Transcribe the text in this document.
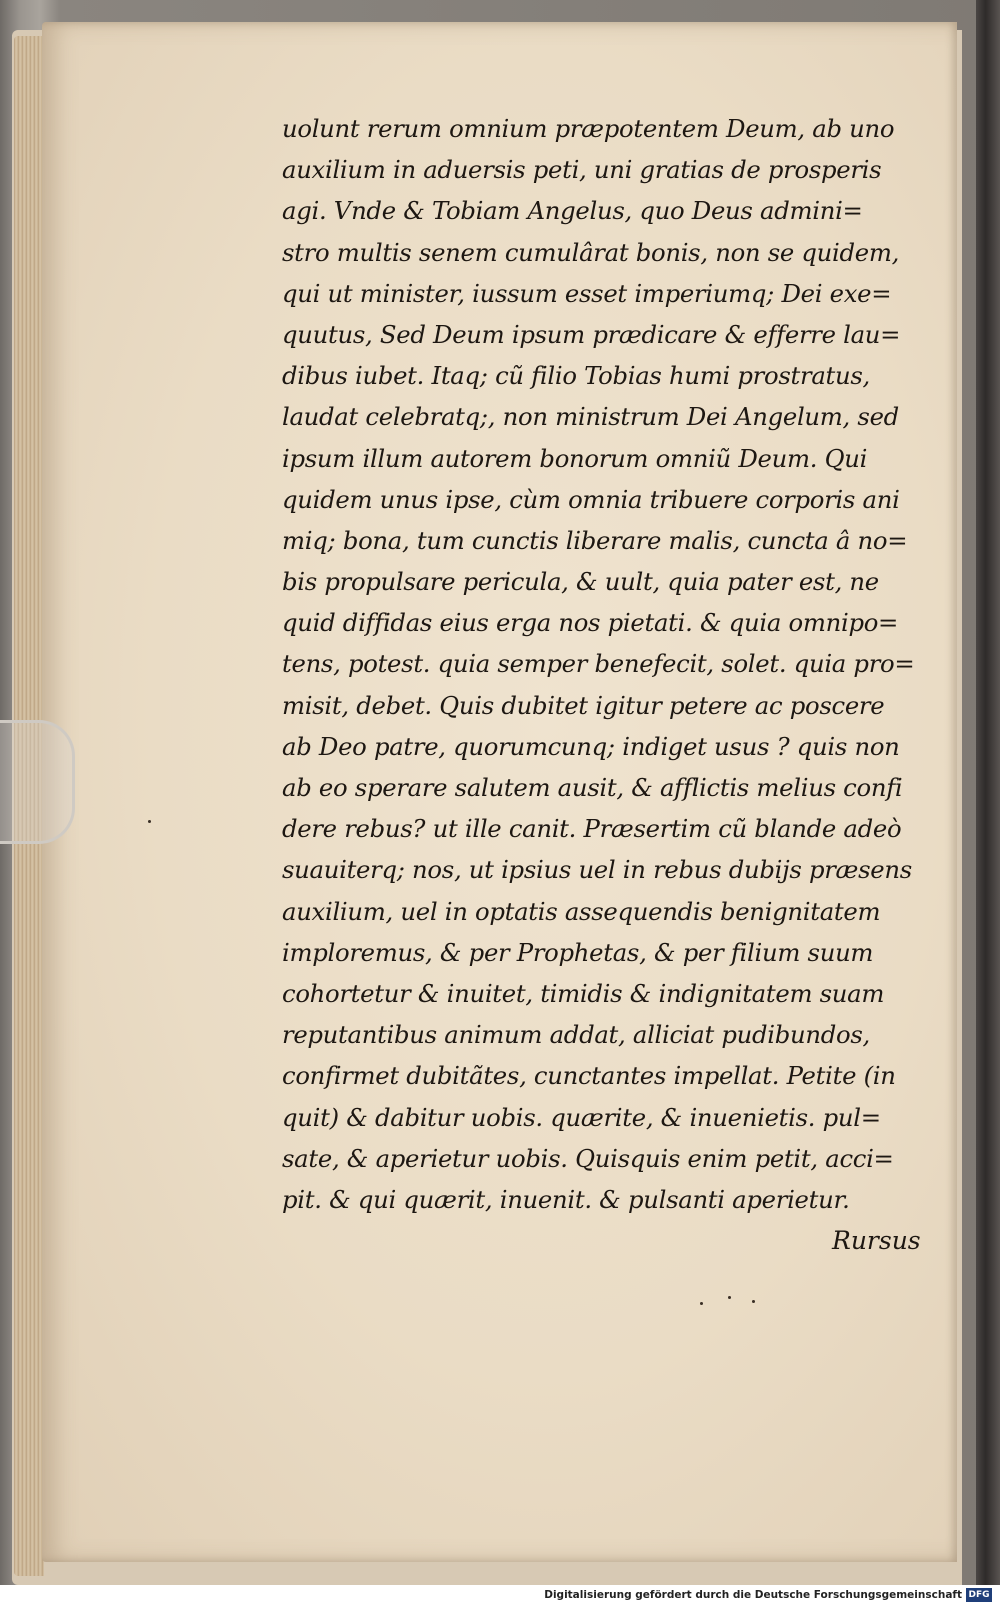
uolunt rerum omnium præpotentem Deum, ab uno
auxilium in aduersis peti, uni gratias de prosperis
agi. Vnde & Tobiam Angelus, quo Deus admini=
stro multis senem cumulârat bonis, non se quidem,
qui ut minister, iussum esset imperiumq; Dei exe=
quutus, Sed Deum ipsum prædicare & efferre lau=
dibus iubet. Itaq; cũ filio Tobias humi prostratus,
laudat celebratq;, non ministrum Dei Angelum, sed
ipsum illum autorem bonorum omniũ Deum. Qui
quidem unus ipse, cùm omnia tribuere corporis ani
miq; bona, tum cunctis liberare malis, cuncta â no=
bis propulsare pericula, & uult, quia pater est, ne
quid diffidas eius erga nos pietati. & quia omnipo=
tens, potest. quia semper benefecit, solet. quia pro=
misit, debet. Quis dubitet igitur petere ac poscere
ab Deo patre, quorumcunq; indiget usus ? quis non
ab eo sperare salutem ausit, & afflictis melius confi
dere rebus? ut ille canit. Præsertim cũ blande adeò
suauiterq; nos, ut ipsius uel in rebus dubijs præsens
auxilium, uel in optatis assequendis benignitatem
imploremus, & per Prophetas, & per filium suum
cohortetur & inuitet, timidis & indignitatem suam
reputantibus animum addat, alliciat pudibundos,
confirmet dubitãtes, cunctantes impellat. Petite (in
quit) & dabitur uobis. quærite, & inuenietis. pul=
sate, & aperietur uobis. Quisquis enim petit, acci=
pit. & qui quærit, inuenit. & pulsanti aperietur.
Rursus
Digitalisierung gefördert durch die Deutsche Forschungsgemeinschaft DFG
